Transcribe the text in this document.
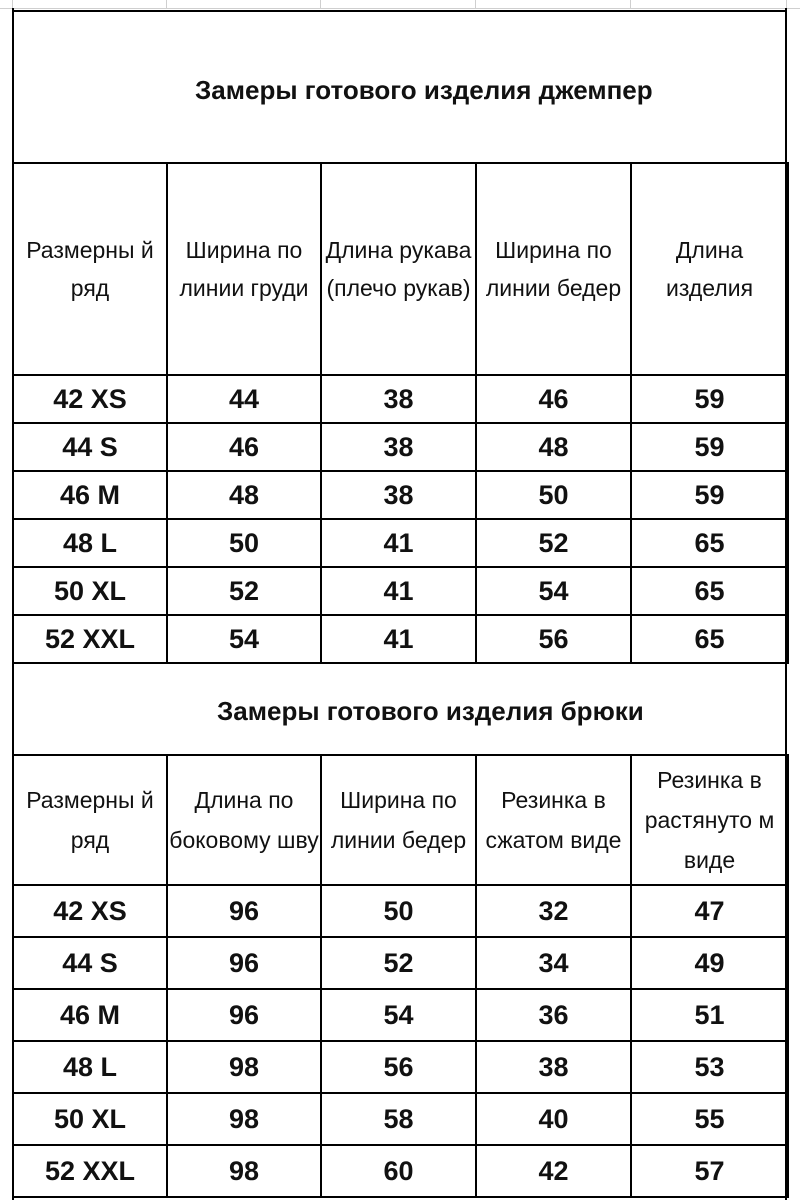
Замеры готового изделия джемпер
Размерны й ряд	Ширина по линии груди	Длина рукава (плечо рукав)	Ширина по линии бедер	Длина изделия
42 XS	44	38	46	59
44 S	46	38	48	59
46 M	48	38	50	59
48 L	50	41	52	65
50 XL	52	41	54	65
52 XXL	54	41	56	65
Замеры готового изделия брюки
Размерны й ряд	Длина по боковому шву	Ширина по линии бедер	Резинка в сжатом виде	Резинка в растянуто м виде
42 XS	96	50	32	47
44 S	96	52	34	49
46 M	96	54	36	51
48 L	98	56	38	53
50 XL	98	58	40	55
52 XXL	98	60	42	57
